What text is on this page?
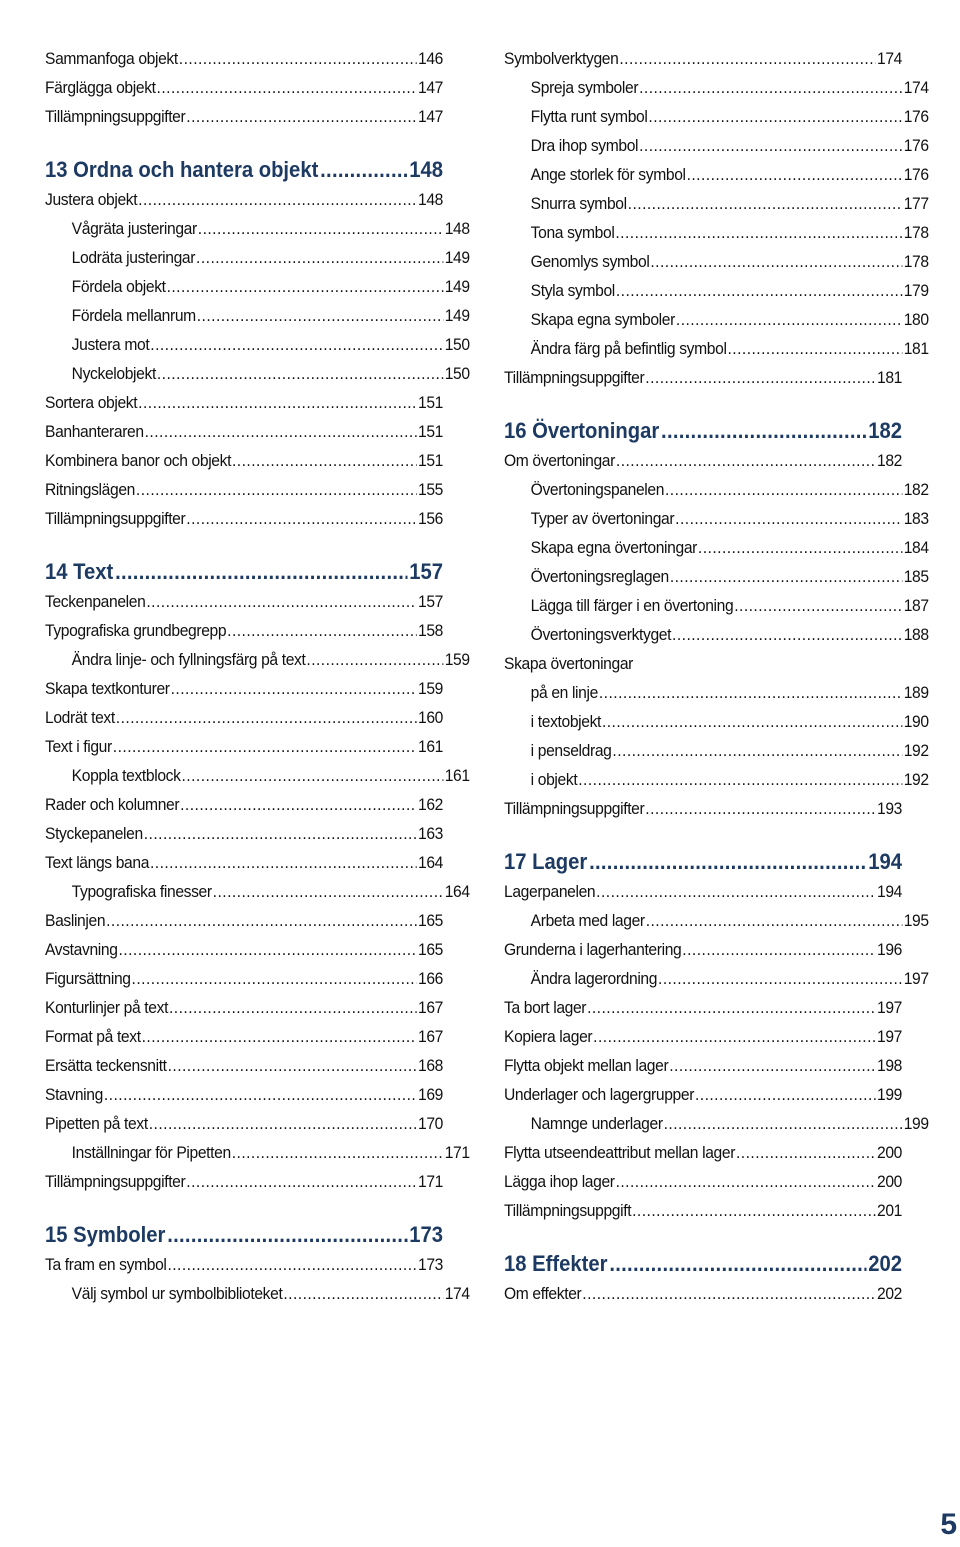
Sammanfoga objekt .....	146
Färglägga objekt .....	147
Tillämpningsuppgifter .....	147
13 Ordna och hantera objekt .....	148
Justera objekt .....	148
Vågräta justeringar .....	148
Lodräta justeringar .....	149
Fördela objekt .....	149
Fördela mellanrum .....	149
Justera mot .....	150
Nyckelobjekt .....	150
Sortera objekt .....	151
Banhanteraren .....	151
Kombinera banor och objekt .....	151
Ritningslägen .....	155
Tillämpningsuppgifter .....	156
14 Text .....	157
Teckenpanelen .....	157
Typografiska grundbegrepp .....	158
Ändra linje- och fyllningsfärg på text .....	159
Skapa textkonturer .....	159
Lodrät text .....	160
Text i figur .....	161
Koppla textblock .....	161
Rader och kolumner .....	162
Styckepanelen .....	163
Text längs bana .....	164
Typografiska finesser .....	164
Baslinjen .....	165
Avstavning .....	165
Figursättning .....	166
Konturlinjer på text .....	167
Format på text .....	167
Ersätta teckensnitt .....	168
Stavning .....	169
Pipetten på text .....	170
Inställningar för Pipetten .....	171
Tillämpningsuppgifter .....	171
15 Symboler .....	173
Ta fram en symbol .....	173
Välj symbol ur symbolbiblioteket .....	174
Symbolverktygen .....	174
Spreja symboler .....	174
Flytta runt symbol .....	176
Dra ihop symbol .....	176
Ange storlek för symbol .....	176
Snurra symbol .....	177
Tona symbol .....	178
Genomlys symbol .....	178
Styla symbol .....	179
Skapa egna symboler .....	180
Ändra färg på befintlig symbol .....	181
Tillämpningsuppgifter .....	181
16 Övertoningar .....	182
Om övertoningar .....	182
Övertoningspanelen .....	182
Typer av övertoningar .....	183
Skapa egna övertoningar .....	184
Övertoningsreglagen .....	185
Lägga till färger i en övertoning .....	187
Övertoningsverktyget .....	188
Skapa övertoningar
på en linje .....	189
i textobjekt .....	190
i penseldrag .....	192
i objekt .....	192
Tillämpningsuppgifter .....	193
17 Lager .....	194
Lagerpanelen .....	194
Arbeta med lager .....	195
Grunderna i lagerhantering .....	196
Ändra lagerordning .....	197
Ta bort lager .....	197
Kopiera lager .....	197
Flytta objekt mellan lager .....	198
Underlager och lagergrupper .....	199
Namnge underlager .....	199
Flytta utseendeattribut mellan lager .....	200
Lägga ihop lager .....	200
Tillämpningsuppgift .....	201
18 Effekter .....	202
Om effekter .....	202
5
